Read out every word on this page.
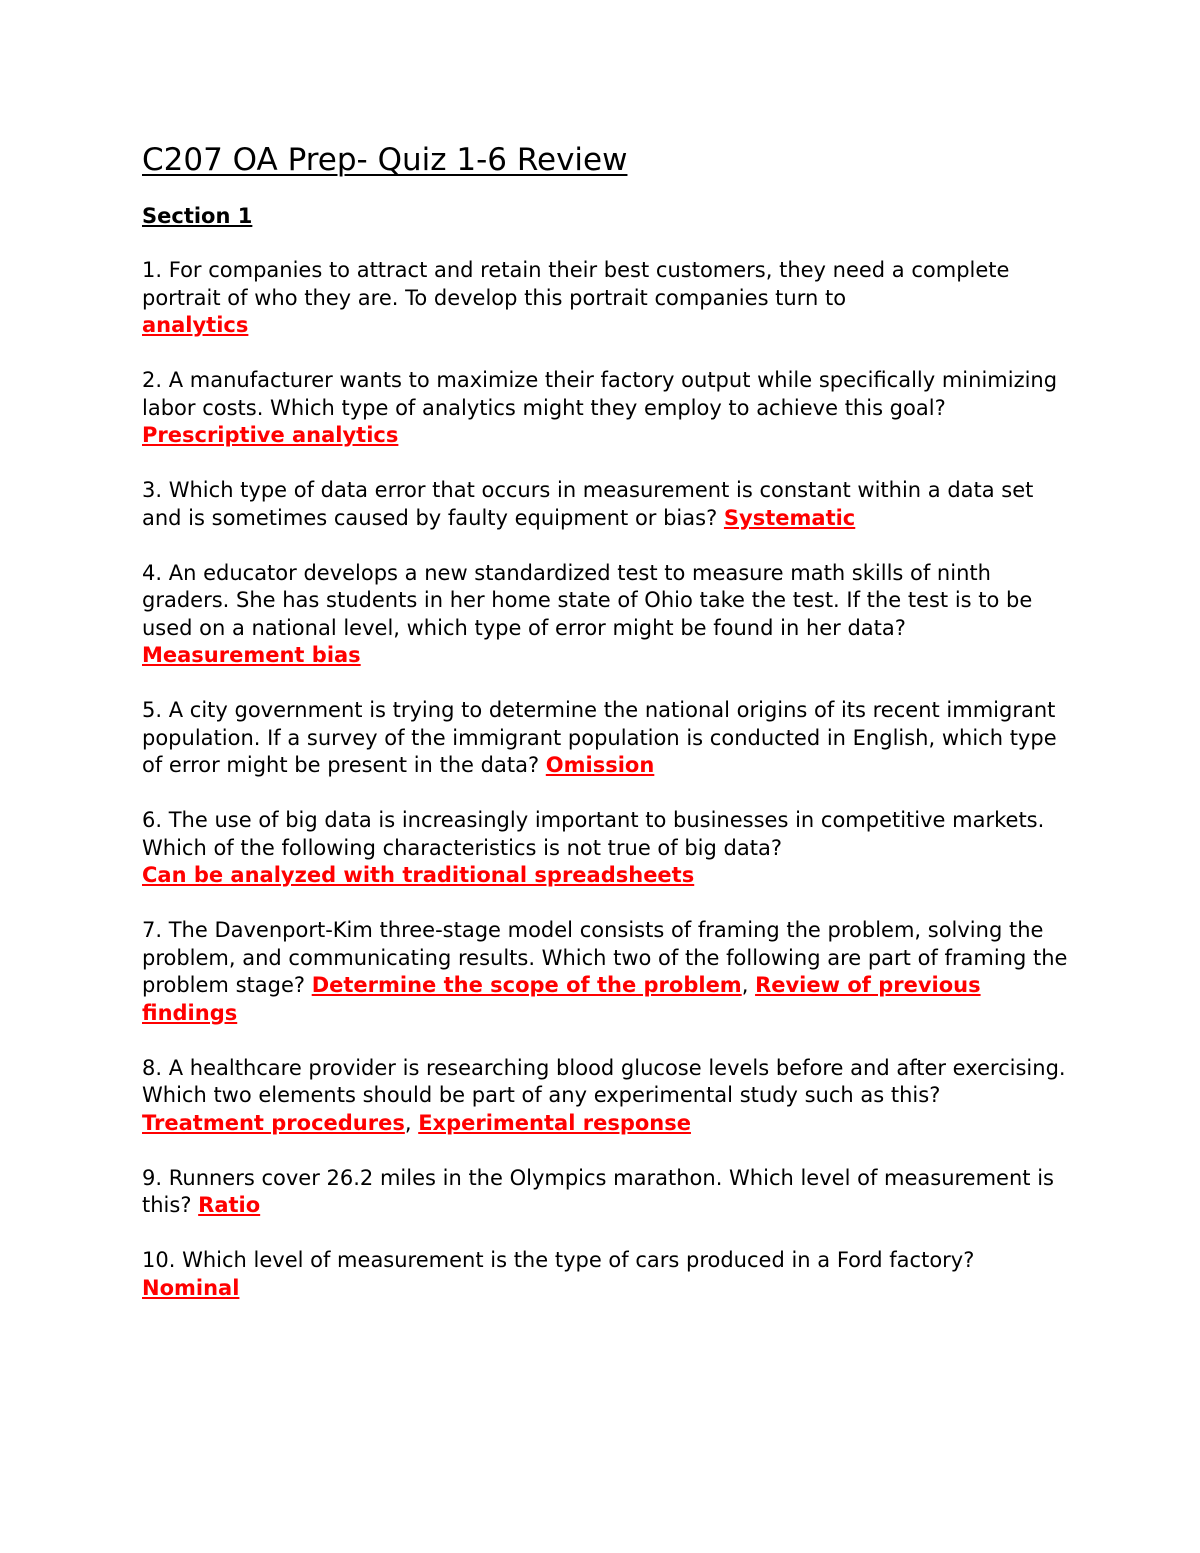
C207 OA Prep- Quiz 1-6 Review
Section 1

1. For companies to attract and retain their best customers, they need a complete portrait of who they are. To develop this portrait companies turn to
analytics

2. A manufacturer wants to maximize their factory output while specifically minimizing labor costs. Which type of analytics might they employ to achieve this goal?
Prescriptive analytics

3. Which type of data error that occurs in measurement is constant within a data set and is sometimes caused by faulty equipment or bias? Systematic

4. An educator develops a new standardized test to measure math skills of ninth graders. She has students in her home state of Ohio take the test. If the test is to be used on a national level, which type of error might be found in her data? Measurement bias

5. A city government is trying to determine the national origins of its recent immigrant population. If a survey of the immigrant population is conducted in English, which type of error might be present in the data? Omission

6. The use of big data is increasingly important to businesses in competitive markets. Which of the following characteristics is not true of big data?
Can be analyzed with traditional spreadsheets

7. The Davenport-Kim three-stage model consists of framing the problem, solving the problem, and communicating results. Which two of the following are part of framing the problem stage? Determine the scope of the problem, Review of previous findings

8. A healthcare provider is researching blood glucose levels before and after exercising. Which two elements should be part of any experimental study such as this?
Treatment procedures, Experimental response

9. Runners cover 26.2 miles in the Olympics marathon. Which level of measurement is this? Ratio

10. Which level of measurement is the type of cars produced in a Ford factory? Nominal
